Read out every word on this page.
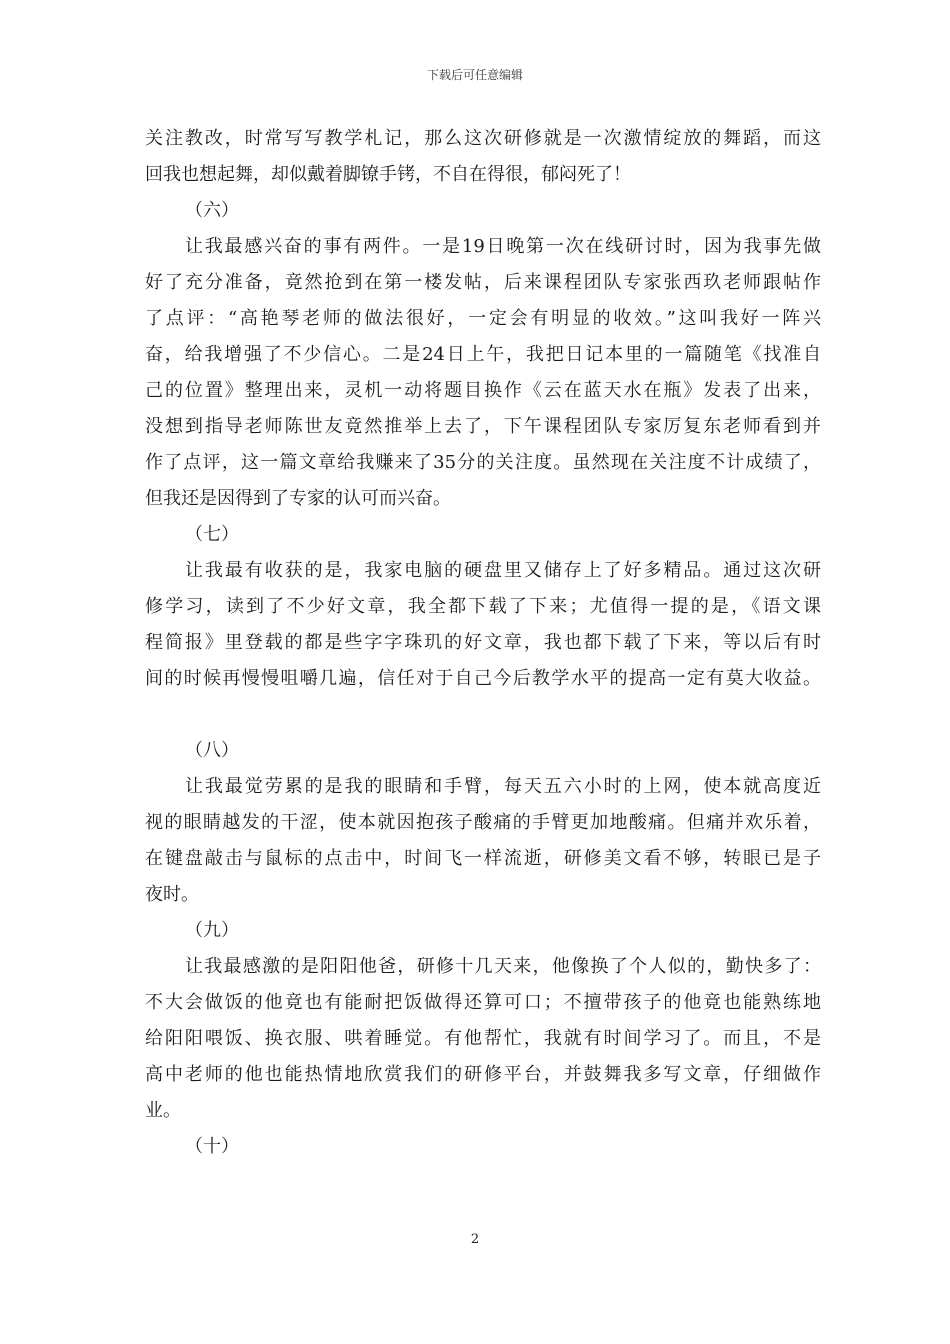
下载后可任意编辑
关注教改，时常写写教学札记，那么这次研修就是一次激情绽放的舞蹈，而这
回我也想起舞，却似戴着脚镣手铐，不自在得很，郁闷死了！
（六）
让我最感兴奋的事有两件。一是19日晚第一次在线研讨时，因为我事先做
好了充分准备，竟然抢到在第一楼发帖，后来课程团队专家张西玖老师跟帖作
了点评：“高艳琴老师的做法很好，一定会有明显的收效。”这叫我好一阵兴
奋，给我增强了不少信心。二是24日上午，我把日记本里的一篇随笔《找准自
己的位置》整理出来，灵机一动将题目换作《云在蓝天水在瓶》发表了出来，
没想到指导老师陈世友竟然推举上去了，下午课程团队专家厉复东老师看到并
作了点评，这一篇文章给我赚来了35分的关注度。虽然现在关注度不计成绩了，
但我还是因得到了专家的认可而兴奋。
（七）
让我最有收获的是，我家电脑的硬盘里又储存上了好多精品。通过这次研
修学习，读到了不少好文章，我全都下载了下来；尤值得一提的是，《语文课
程简报》里登载的都是些字字珠玑的好文章，我也都下载了下来，等以后有时
间的时候再慢慢咀嚼几遍，信任对于自己今后教学水平的提高一定有莫大收益。
（八）
让我最觉劳累的是我的眼睛和手臂，每天五六小时的上网，使本就高度近
视的眼睛越发的干涩，使本就因抱孩子酸痛的手臂更加地酸痛。但痛并欢乐着，
在键盘敲击与鼠标的点击中，时间飞一样流逝，研修美文看不够，转眼已是子
夜时。
（九）
让我最感激的是阳阳他爸，研修十几天来，他像换了个人似的，勤快多了：
不大会做饭的他竟也有能耐把饭做得还算可口；不擅带孩子的他竟也能熟练地
给阳阳喂饭、换衣服、哄着睡觉。有他帮忙，我就有时间学习了。而且，不是
高中老师的他也能热情地欣赏我们的研修平台，并鼓舞我多写文章，仔细做作
业。
（十）
2
